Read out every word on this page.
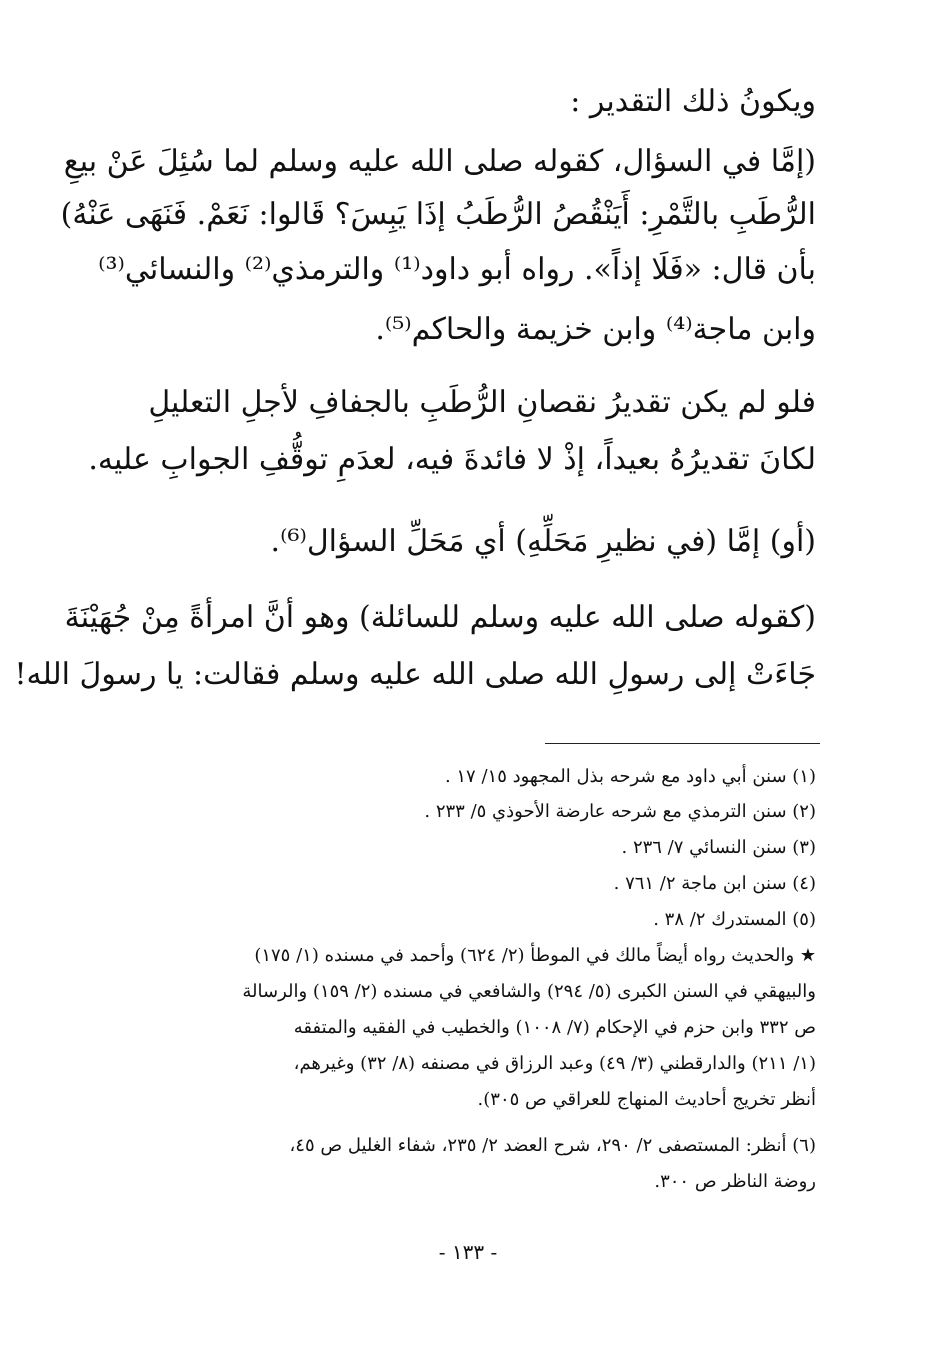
ويكونُ ذلك التقدير :
(إمَّا في السؤال، كقوله صلى الله عليه وسلم لما سُئِلَ عَنْ بيعِ
الرُّطَبِ بالتَّمْرِ: أَيَنْقُصُ الرُّطَبُ إذَا يَبِسَ؟ قَالوا: نَعَمْ. فَنَهَى عَنْهُ)
بأن قال: «فَلَا إذاً». رواه أبو داود⁽¹⁾ والترمذي⁽²⁾ والنسائي⁽³⁾
وابن ماجة⁽⁴⁾ وابن خزيمة والحاكم⁽⁵⁾.
فلو لم يكن تقديرُ نقصانِ الرُّطَبِ بالجفافِ لأجلِ التعليلِ
لكانَ تقديرُهُ بعيداً، إذْ لا فائدةَ فيه، لعدَمِ توقُّفِ الجوابِ عليه.
(أو) إمَّا (في نظيرِ مَحَلِّهِ) أي مَحَلِّ السؤال⁽⁶⁾.
(كقوله صلى الله عليه وسلم للسائلة) وهو أنَّ امرأةً مِنْ جُهَيْنَةَ
جَاءَتْ إلى رسولِ الله صلى الله عليه وسلم فقالت: يا رسولَ الله!
(١) سنن أبي داود مع شرحه بذل المجهود ١٥/ ١٧ .
(٢) سنن الترمذي مع شرحه عارضة الأحوذي ٥/ ٢٣٣ .
(٣) سنن النسائي ٧/ ٢٣٦ .
(٤) سنن ابن ماجة ٢/ ٧٦١ .
(٥) المستدرك ٢/ ٣٨ .
★ والحديث رواه أيضاً مالك في الموطأ (٢/ ٦٢٤) وأحمد في مسنده (١/ ١٧٥)
والبيهقي في السنن الكبرى (٥/ ٢٩٤) والشافعي في مسنده (٢/ ١٥٩) والرسالة
ص ٣٣٢ وابن حزم في الإحكام (٧/ ١٠٠٨) والخطيب في الفقيه والمتفقه
(١/ ٢١١) والدارقطني (٣/ ٤٩) وعبد الرزاق في مصنفه (٨/ ٣٢) وغيرهم،
أنظر تخريج أحاديث المنهاج للعراقي ص ٣٠٥).
(٦) أنظر: المستصفى ٢/ ٢٩٠، شرح العضد ٢/ ٢٣٥، شفاء الغليل ص ٤٥،
روضة الناظر ص ٣٠٠.
- ١٣٣ -
